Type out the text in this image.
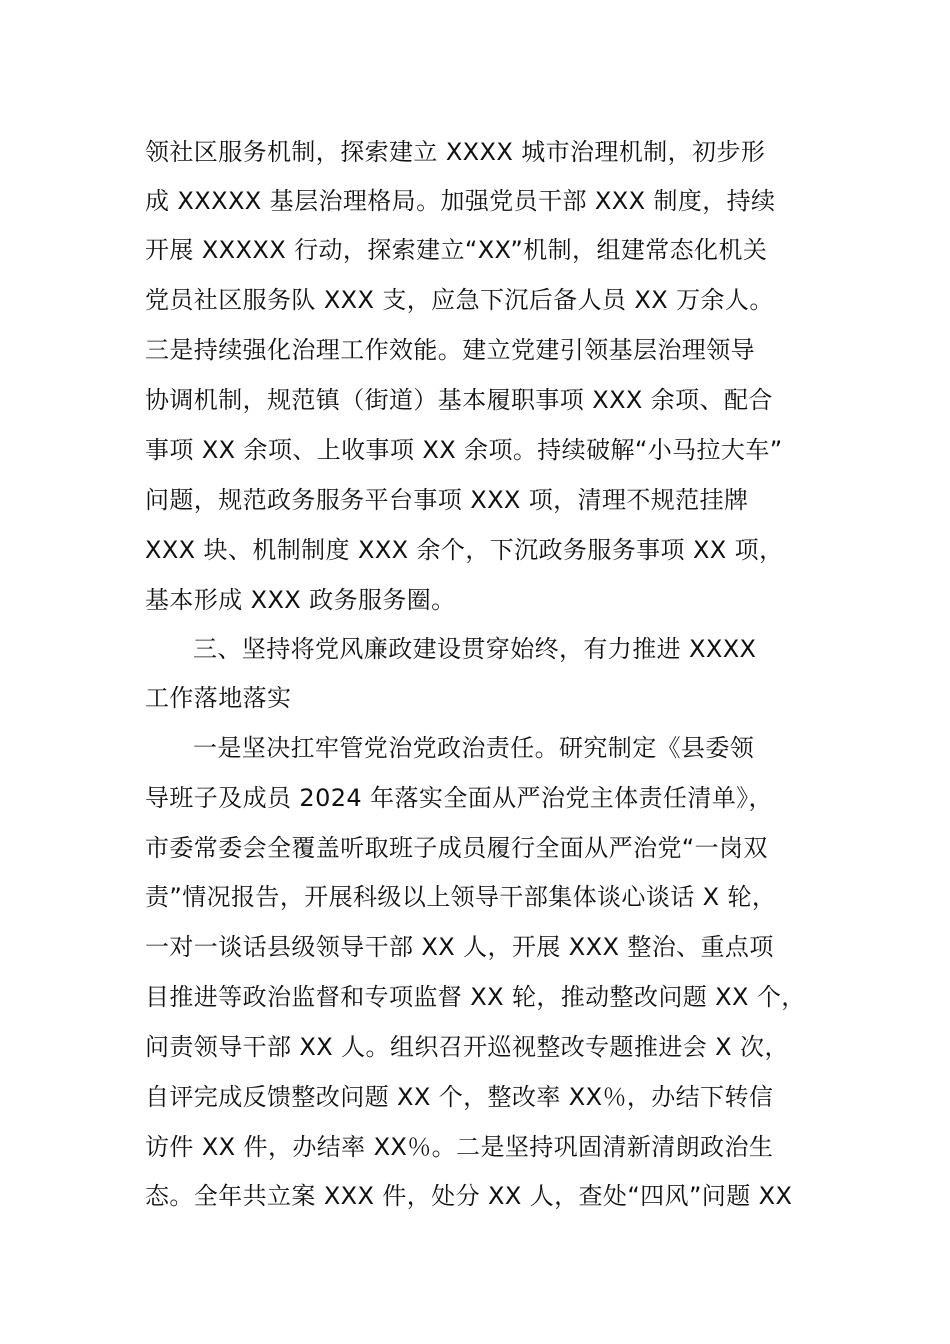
领社区服务机制，探索建立 XXXX 城市治理机制，初步形
成 XXXXX 基层治理格局。加强党员干部 XXX 制度，持续
开展 XXXXX 行动，探索建立“XX”机制，组建常态化机关
党员社区服务队 XXX 支，应急下沉后备人员 XX 万余人。
三是持续强化治理工作效能。建立党建引领基层治理领导
协调机制，规范镇（街道）基本履职事项 XXX 余项、配合
事项 XX 余项、上收事项 XX 余项。持续破解“小马拉大车”
问题，规范政务服务平台事项 XXX 项，清理不规范挂牌
XXX 块、机制制度 XXX 余个，下沉政务服务事项 XX 项，
基本形成 XXX 政务服务圈。
三、坚持将党风廉政建设贯穿始终，有力推进 XXXX
工作落地落实
一是坚决扛牢管党治党政治责任。研究制定《县委领
导班子及成员 2024 年落实全面从严治党主体责任清单》，
市委常委会全覆盖听取班子成员履行全面从严治党“一岗双
责”情况报告，开展科级以上领导干部集体谈心谈话 X 轮，
一对一谈话县级领导干部 XX 人，开展 XXX 整治、重点项
目推进等政治监督和专项监督 XX 轮，推动整改问题 XX 个，
问责领导干部 XX 人。组织召开巡视整改专题推进会 X 次，
自评完成反馈整改问题 XX 个，整改率 XX％，办结下转信
访件 XX 件，办结率 XX％。二是坚持巩固清新清朗政治生
态。全年共立案 XXX 件，处分 XX 人，查处“四风”问题 XX
